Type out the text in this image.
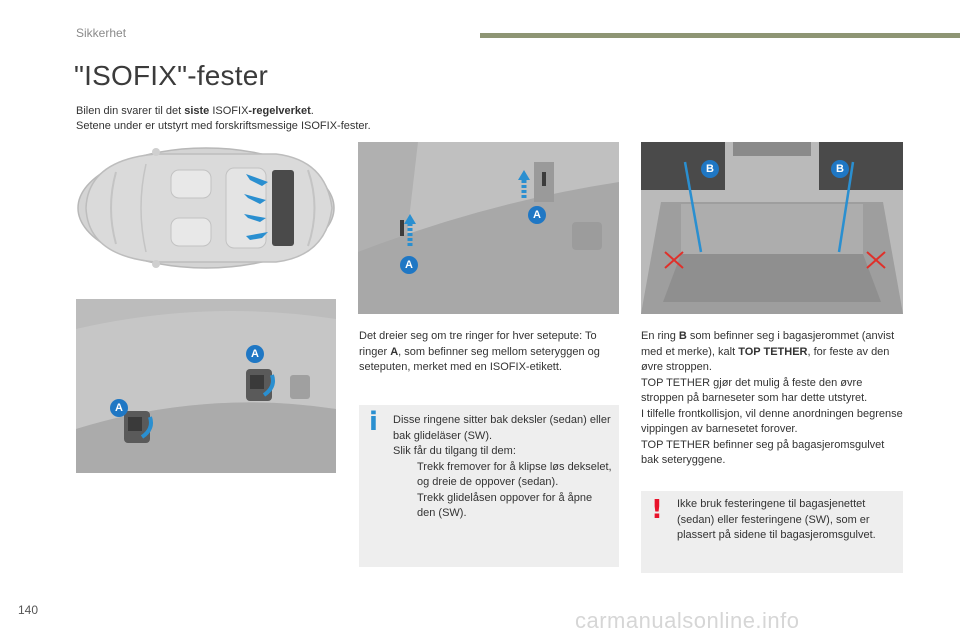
Sikkerhet
"ISOFIX"-fester
Bilen din svarer til det siste ISOFIX-regelverket.
Setene under er utstyrt med forskriftsmessige ISOFIX-fester.
A
A
A
A
B	B
Det dreier seg om tre ringer for hver setepute: To ringer A, som befinner seg mellom seteryggen og seteputen, merket med en ISOFIX-etikett.
i Disse ringene sitter bak deksler (sedan) eller bak glideläser (SW).
Slik får du tilgang til dem:
Trekk fremover for å klipse løs dekselet, og dreie de oppover (sedan).
Trekk glidelåsen oppover for å åpne den (SW).
En ring B som befinner seg i bagasjerommet (anvist med et merke), kalt TOP TETHER, for feste av den øvre stroppen.
TOP TETHER gjør det mulig å feste den øvre stroppen på barneseter som har dette utstyret.
I tilfelle frontkollisjon, vil denne anordningen begrense vippingen av barnesetet forover.
TOP TETHER befinner seg på bagasjeromsgulvet bak seteryggene.
! Ikke bruk festeringene til bagasjenettet (sedan) eller festeringene (SW), som er plassert på sidene til bagasjeromsgulvet.
140	carmanualsonline.info
